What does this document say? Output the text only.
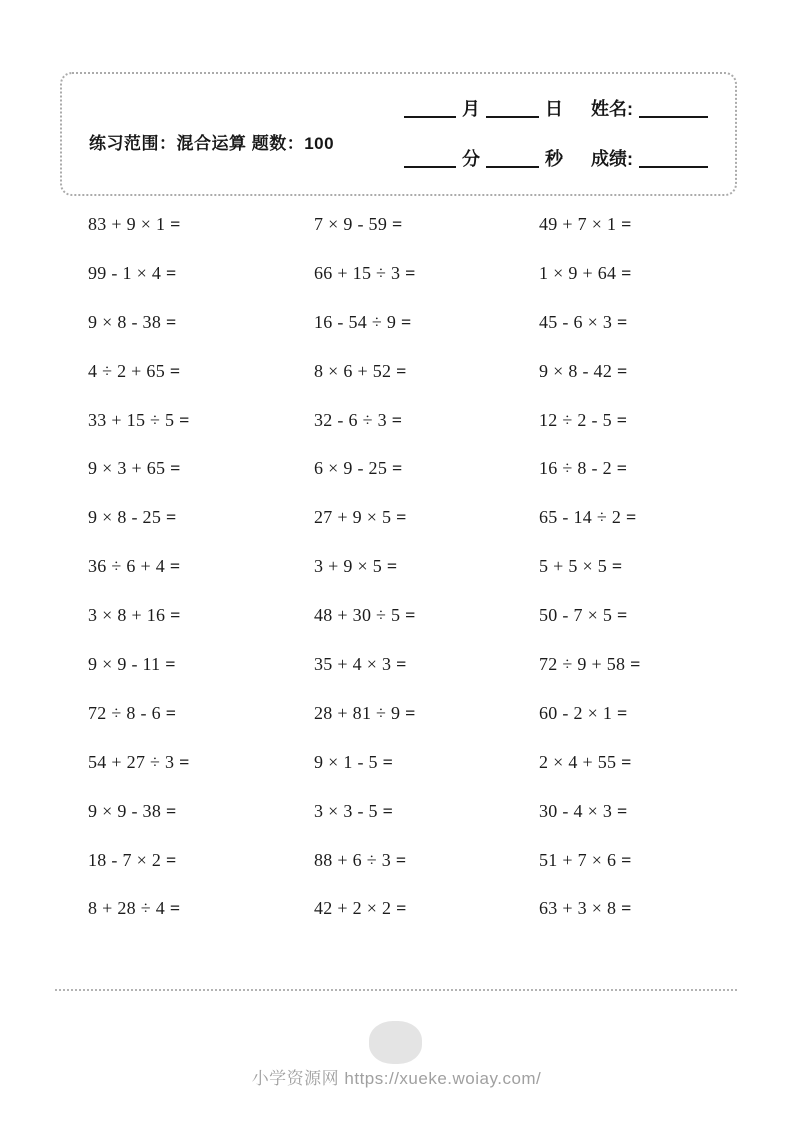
练习范围：混合运算 题数：100
月	日 姓名:
分	秒 成绩:
83 + 9 × 1 =	7 × 9 - 59 =	49 + 7 × 1 =
99 - 1 × 4 =	66 + 15 ÷ 3 =	1 × 9 + 64 =
9 × 8 - 38 =	16 - 54 ÷ 9 =	45 - 6 × 3 =
4 ÷ 2 + 65 =	8 × 6 + 52 =	9 × 8 - 42 =
33 + 15 ÷ 5 =	32 - 6 ÷ 3 =	12 ÷ 2 - 5 =
9 × 3 + 65 =	6 × 9 - 25 =	16 ÷ 8 - 2 =
9 × 8 - 25 =	27 + 9 × 5 =	65 - 14 ÷ 2 =
36 ÷ 6 + 4 =	3 + 9 × 5 =	5 + 5 × 5 =
3 × 8 + 16 =	48 + 30 ÷ 5 =	50 - 7 × 5 =
9 × 9 - 11 =	35 + 4 × 3 =	72 ÷ 9 + 58 =
72 ÷ 8 - 6 =	28 + 81 ÷ 9 =	60 - 2 × 1 =
54 + 27 ÷ 3 =	9 × 1 - 5 =	2 × 4 + 55 =
9 × 9 - 38 =	3 × 3 - 5 =	30 - 4 × 3 =
18 - 7 × 2 =	88 + 6 ÷ 3 =	51 + 7 × 6 =
8 + 28 ÷ 4 =	42 + 2 × 2 =	63 + 3 × 8 =
小学资源网 https://xueke.woiay.com/
